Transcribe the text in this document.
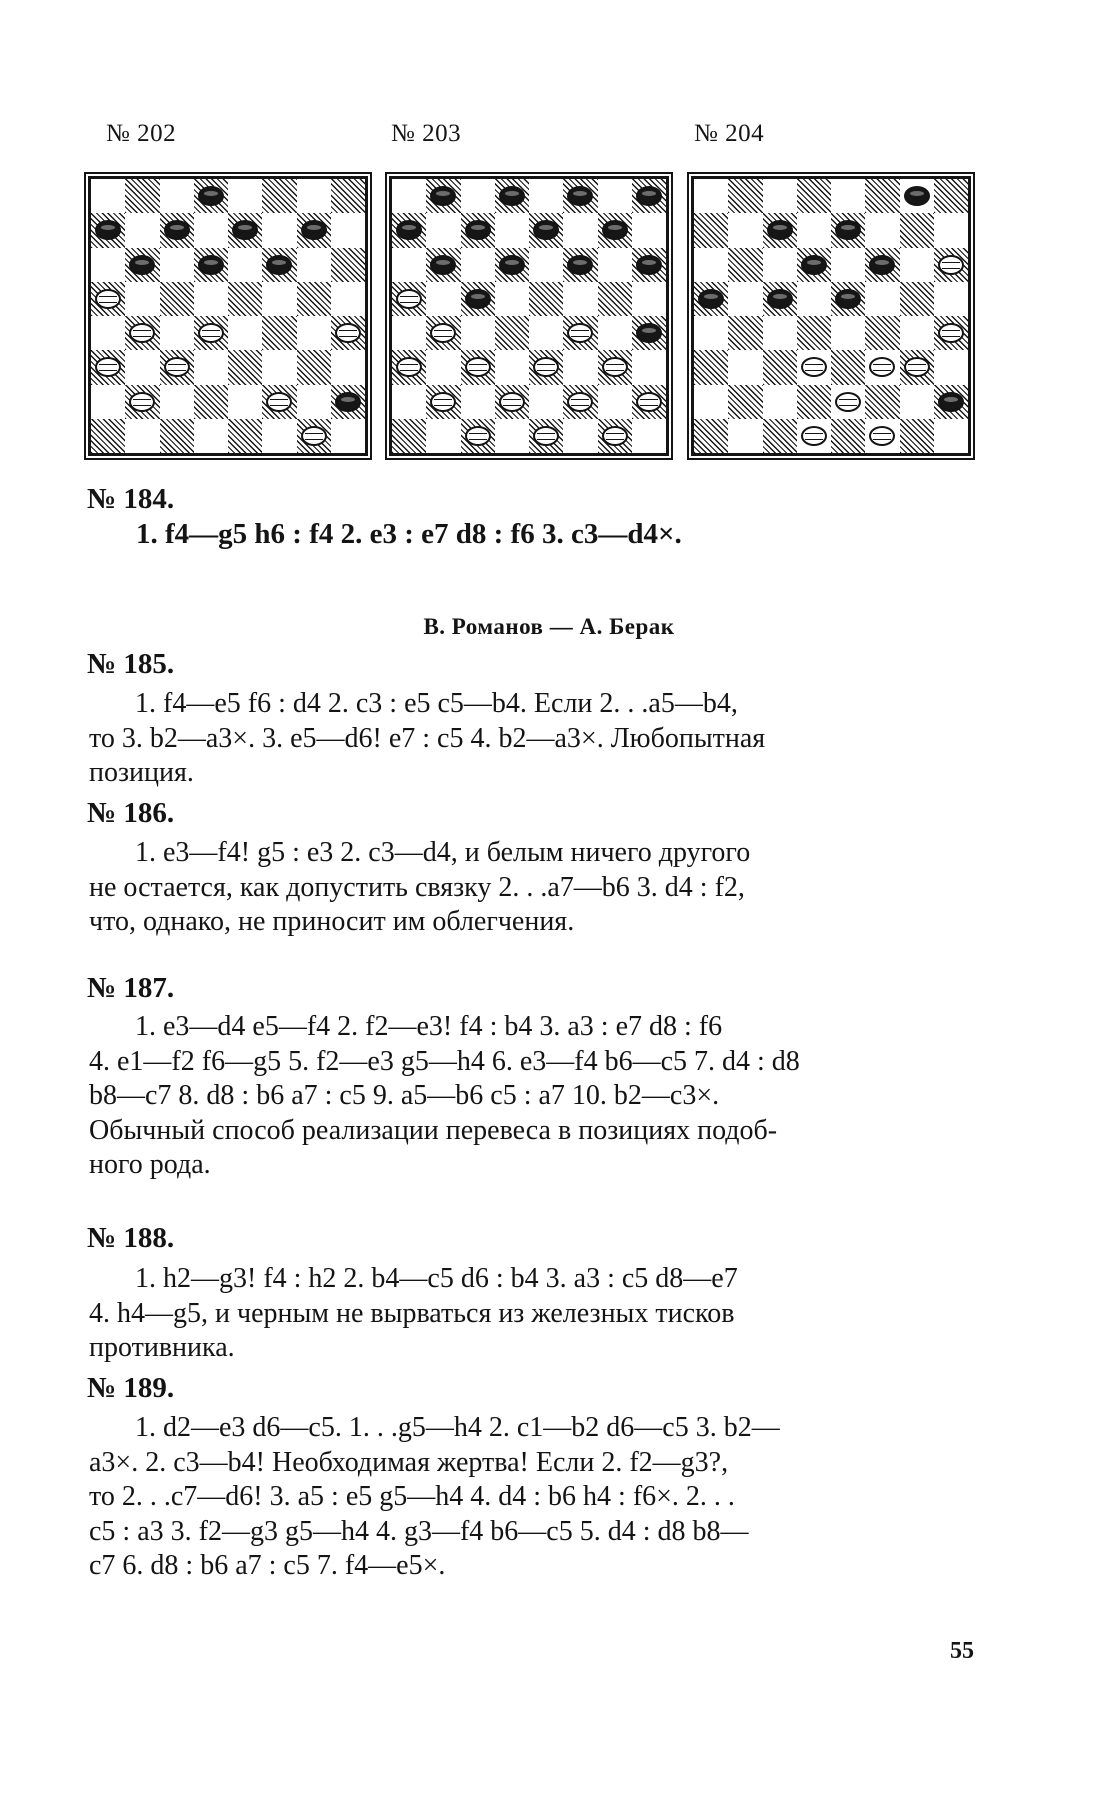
№ 202	№ 203	№ 204
№ 184.
1. f4—g5 h6 : f4 2. e3 : e7 d8 : f6 3. c3—d4×.
В. Романов — А. Берак
№ 185.
1. f4—e5 f6 : d4 2. c3 : e5 c5—b4. Если 2. . .a5—b4,
то 3. b2—a3×. 3. e5—d6! e7 : c5 4. b2—a3×. Любопытная
позиция.
№ 186.
1. e3—f4! g5 : e3 2. c3—d4, и белым ничего другого
не остается, как допустить связку 2. . .a7—b6 3. d4 : f2,
что, однако, не приносит им облегчения.
№ 187.
1. e3—d4 e5—f4 2. f2—e3! f4 : b4 3. a3 : e7 d8 : f6
4. e1—f2 f6—g5 5. f2—e3 g5—h4 6. e3—f4 b6—c5 7. d4 : d8
b8—c7 8. d8 : b6 a7 : c5 9. a5—b6 c5 : a7 10. b2—c3×.
Обычный способ реализации перевеса в позициях подоб-
ного рода.
№ 188.
1. h2—g3! f4 : h2 2. b4—c5 d6 : b4 3. a3 : c5 d8—e7
4. h4—g5, и черным не вырваться из железных тисков
противника.
№ 189.
1. d2—e3 d6—c5. 1. . .g5—h4 2. c1—b2 d6—c5 3. b2—
a3×. 2. c3—b4! Необходимая жертва! Если 2. f2—g3?,
то 2. . .c7—d6! 3. a5 : e5 g5—h4 4. d4 : b6 h4 : f6×. 2. . .
c5 : a3 3. f2—g3 g5—h4 4. g3—f4 b6—c5 5. d4 : d8 b8—
c7 6. d8 : b6 a7 : c5 7. f4—e5×.
55
